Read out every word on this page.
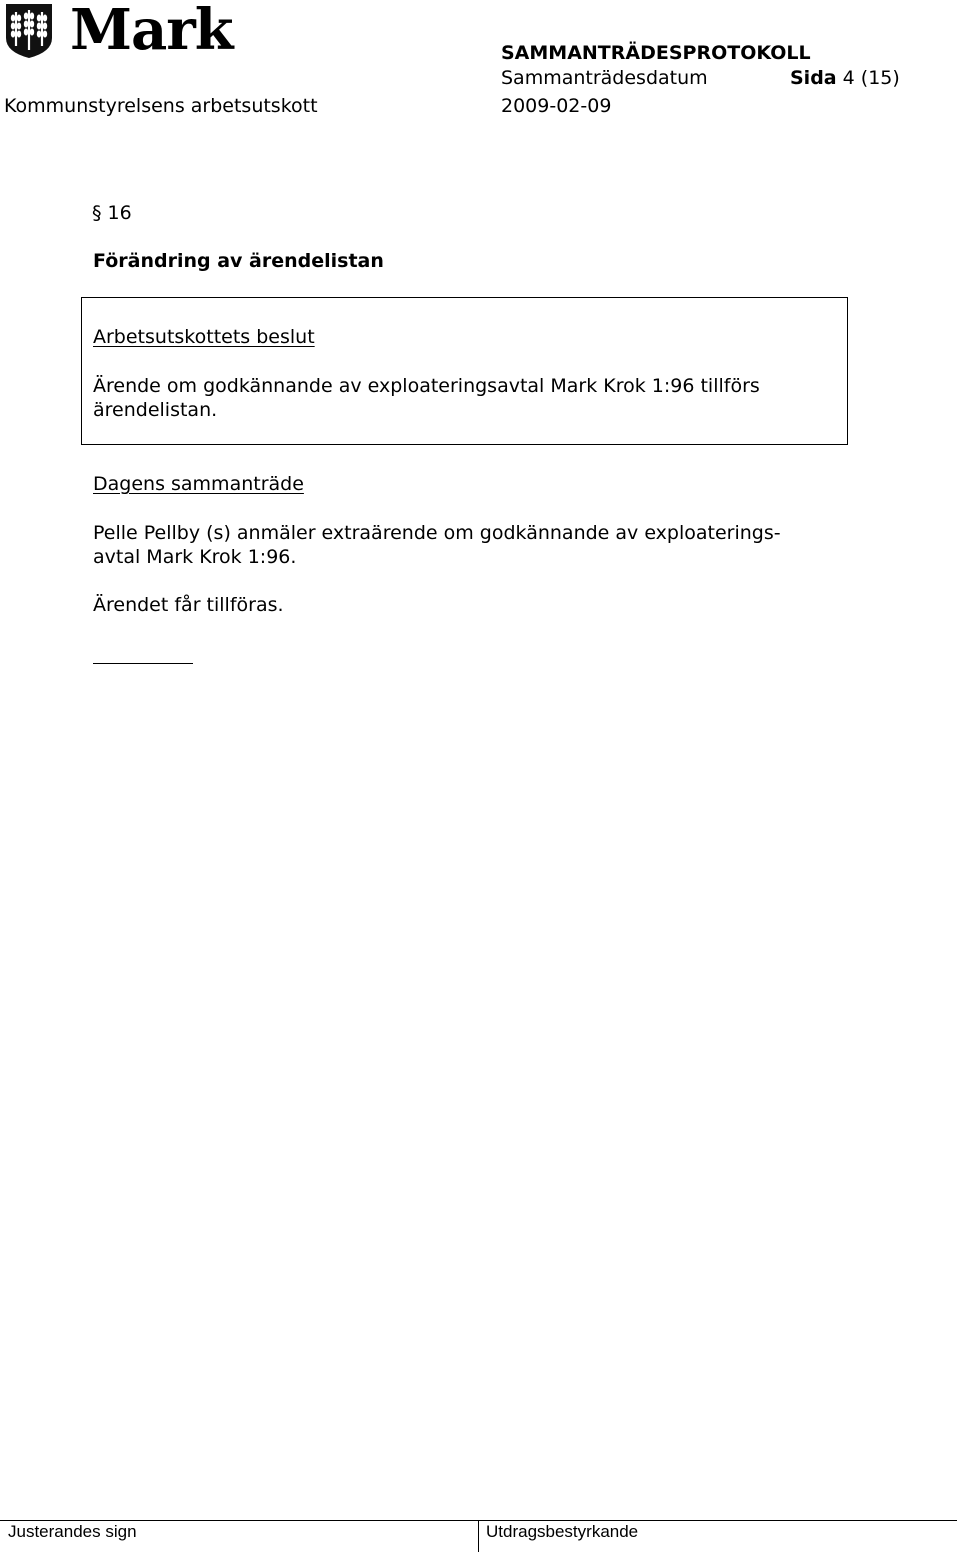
Mark	SAMMANTRÄDESPROTOKOLL
Sammanträdesdatum	Sida 4 (15)
Kommunstyrelsens arbetsutskott	2009-02-09
§ 16
Förändring av ärendelistan
Arbetsutskottets beslut
Ärende om godkännande av exploateringsavtal Mark Krok 1:96 tillförs ärendelistan.
Dagens sammanträde
Pelle Pellby (s) anmäler extraärende om godkännande av exploaterings-
avtal Mark Krok 1:96.
Ärendet får tillföras.
Justerandes sign	Utdragsbestyrkande
